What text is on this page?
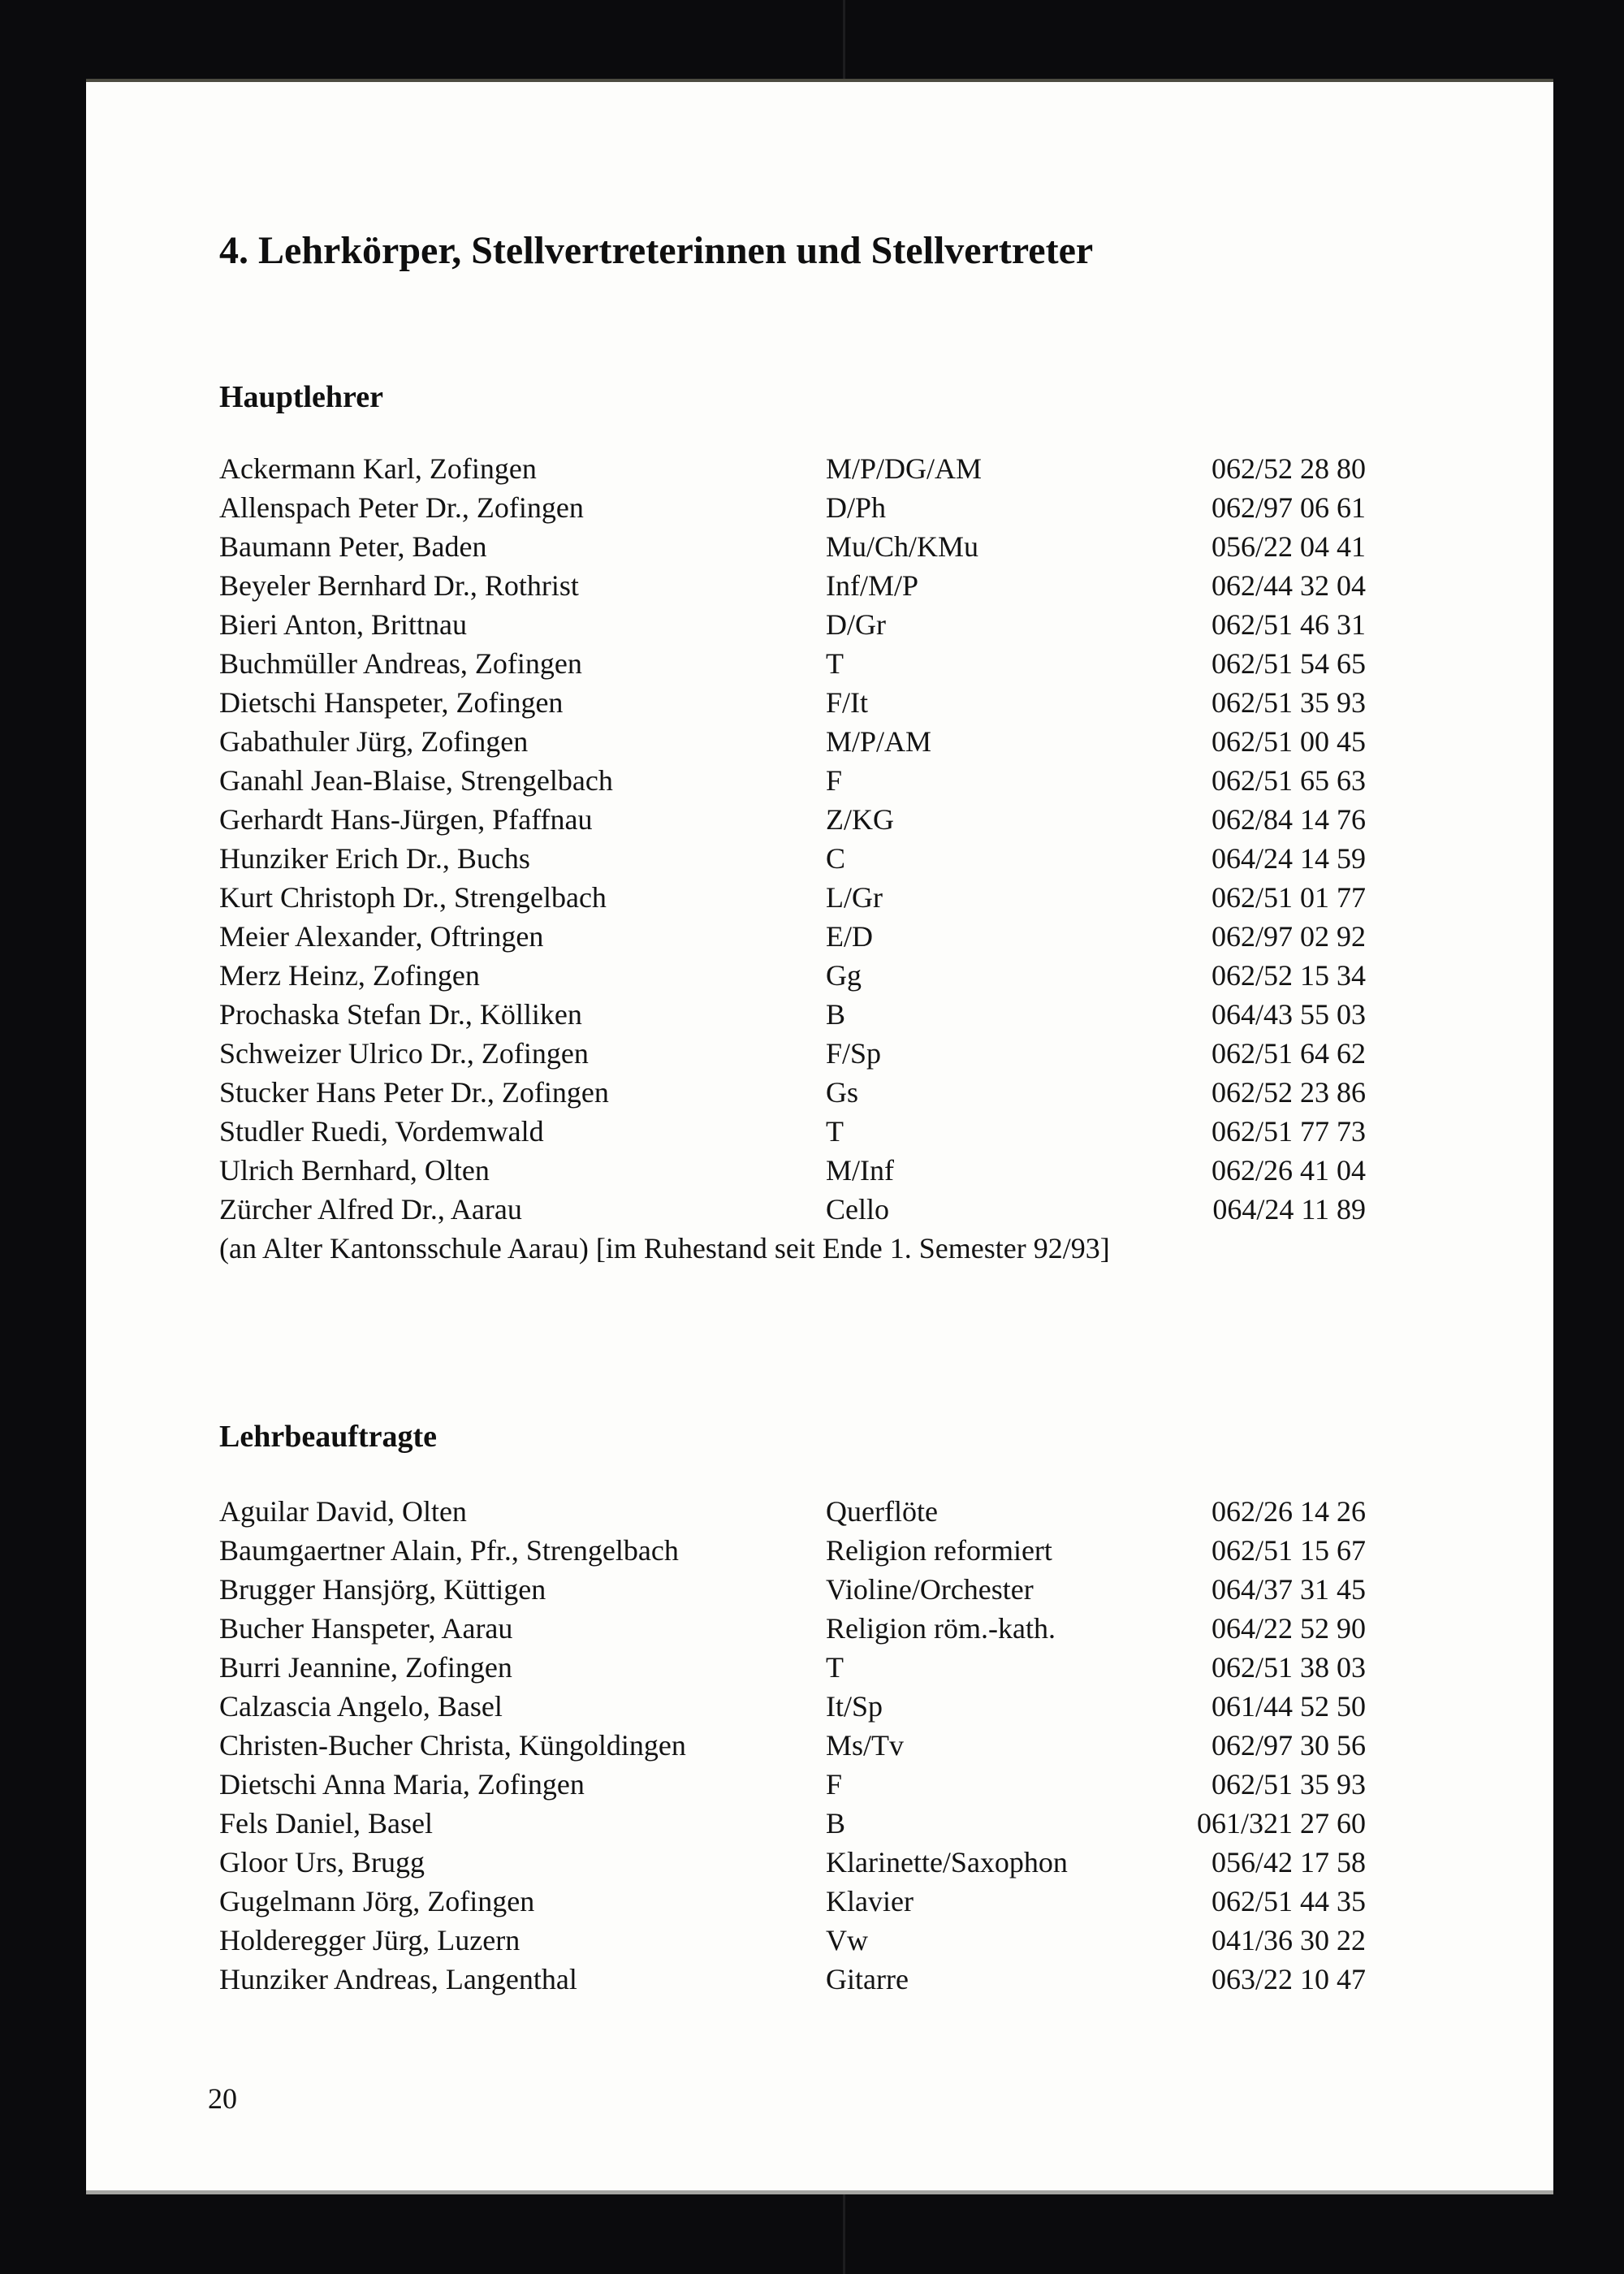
4. Lehrkörper, Stellvertreterinnen und Stellvertreter
Hauptlehrer
Ackermann Karl, Zofingen	M/P/DG/AM	062/52 28 80
Allenspach Peter Dr., Zofingen	D/Ph	062/97 06 61
Baumann Peter, Baden	Mu/Ch/KMu	056/22 04 41
Beyeler Bernhard Dr., Rothrist	Inf/M/P	062/44 32 04
Bieri Anton, Brittnau	D/Gr	062/51 46 31
Buchmüller Andreas, Zofingen	T	062/51 54 65
Dietschi Hanspeter, Zofingen	F/It	062/51 35 93
Gabathuler Jürg, Zofingen	M/P/AM	062/51 00 45
Ganahl Jean-Blaise, Strengelbach	F	062/51 65 63
Gerhardt Hans-Jürgen, Pfaffnau	Z/KG	062/84 14 76
Hunziker Erich Dr., Buchs	C	064/24 14 59
Kurt Christoph Dr., Strengelbach	L/Gr	062/51 01 77
Meier Alexander, Oftringen	E/D	062/97 02 92
Merz Heinz, Zofingen	Gg	062/52 15 34
Prochaska Stefan Dr., Kölliken	B	064/43 55 03
Schweizer Ulrico Dr., Zofingen	F/Sp	062/51 64 62
Stucker Hans Peter Dr., Zofingen	Gs	062/52 23 86
Studler Ruedi, Vordemwald	T	062/51 77 73
Ulrich Bernhard, Olten	M/Inf	062/26 41 04
Zürcher Alfred Dr., Aarau	Cello	064/24 11 89
(an Alter Kantonsschule Aarau) [im Ruhestand seit Ende 1. Semester 92/93]
Lehrbeauftragte
Aguilar David, Olten	Querflöte	062/26 14 26
Baumgaertner Alain, Pfr., Strengelbach	Religion reformiert	062/51 15 67
Brugger Hansjörg, Küttigen	Violine/Orchester	064/37 31 45
Bucher Hanspeter, Aarau	Religion röm.-kath.	064/22 52 90
Burri Jeannine, Zofingen	T	062/51 38 03
Calzascia Angelo, Basel	It/Sp	061/44 52 50
Christen-Bucher Christa, Küngoldingen	Ms/Tv	062/97 30 56
Dietschi Anna Maria, Zofingen	F	062/51 35 93
Fels Daniel, Basel	B	061/321 27 60
Gloor Urs, Brugg	Klarinette/Saxophon	056/42 17 58
Gugelmann Jörg, Zofingen	Klavier	062/51 44 35
Holderegger Jürg, Luzern	Vw	041/36 30 22
Hunziker Andreas, Langenthal	Gitarre	063/22 10 47
20
